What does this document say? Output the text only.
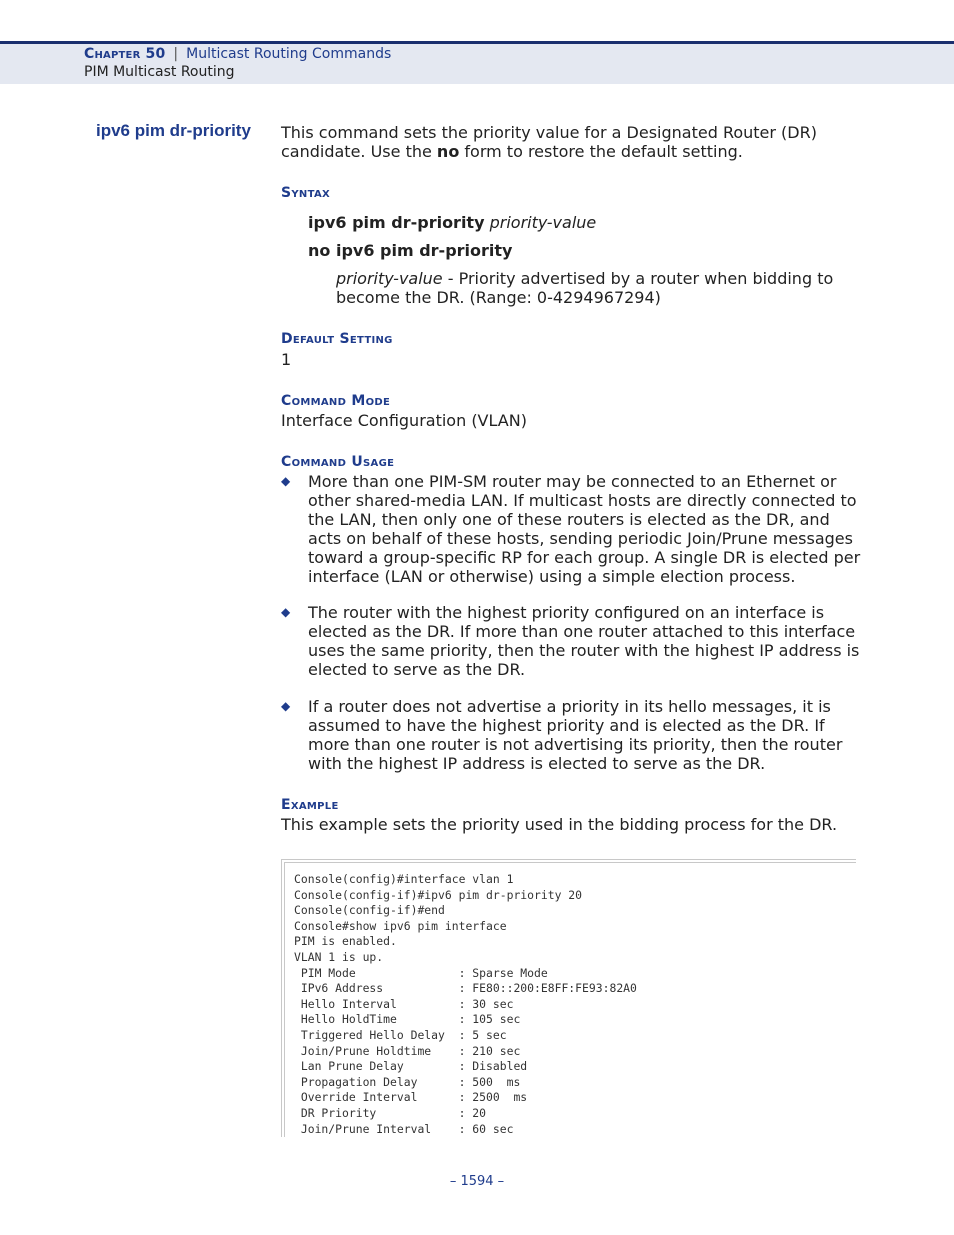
Chapter 50 | Multicast Routing Commands
PIM Multicast Routing
ipv6 pim dr-priority This command sets the priority value for a Designated Router (DR) candidate. Use the no form to restore the default setting.
Syntax
ipv6 pim dr-priority priority-value
no ipv6 pim dr-priority
priority-value - Priority advertised by a router when bidding to become the DR. (Range: 0-4294967294)
Default Setting
1
Command Mode
Interface Configuration (VLAN)
Command Usage
◆ More than one PIM-SM router may be connected to an Ethernet or other shared-media LAN. If multicast hosts are directly connected to the LAN, then only one of these routers is elected as the DR, and acts on behalf of these hosts, sending periodic Join/Prune messages toward a group-specific RP for each group. A single DR is elected per interface (LAN or otherwise) using a simple election process.
◆ The router with the highest priority configured on an interface is elected as the DR. If more than one router attached to this interface uses the same priority, then the router with the highest IP address is elected to serve as the DR.
◆ If a router does not advertise a priority in its hello messages, it is assumed to have the highest priority and is elected as the DR. If more than one router is not advertising its priority, then the router with the highest IP address is elected to serve as the DR.
Example
This example sets the priority used in the bidding process for the DR.
Console(config)#interface vlan 1
Console(config-if)#ipv6 pim dr-priority 20
Console(config-if)#end
Console#show ipv6 pim interface
PIM is enabled.
VLAN 1 is up.
PIM Mode               : Sparse Mode
IPv6 Address           : FE80::200:E8FF:FE93:82A0
Hello Interval         : 30 sec
Hello HoldTime         : 105 sec
Triggered Hello Delay  : 5 sec
Join/Prune Holdtime    : 210 sec
Lan Prune Delay        : Disabled
Propagation Delay      : 500  ms
Override Interval      : 2500  ms
DR Priority            : 20
Join/Prune Interval    : 60 sec
– 1594 –
